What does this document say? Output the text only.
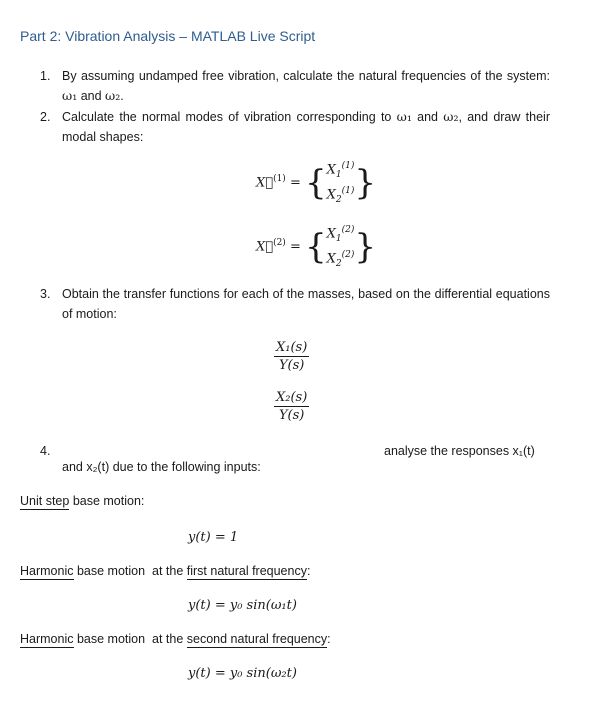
Part 2: Vibration Analysis – MATLAB Live Script
1. By assuming undamped free vibration, calculate the natural frequencies of the system: ω₁ and ω₂.
2. Calculate the normal modes of vibration corresponding to ω₁ and ω₂, and draw their modal shapes:
X⃗$^{(1)}$ = { $X_1^{(1)}$
$X_2^{(1)}$ }
X⃗$^{(2)}$ = { $X_1^{(2)}$
$X_2^{(2)}$ }
3. Obtain the transfer functions for each of the masses, based on the differential equations of motion:
$\frac{\text{X₁(s)}}{Y(s)}$
$\frac{\text{X₂(s)}}{Y(s)}$
4.	analyse the responses x₁(t)
and x₂(t) due to the following inputs:
Unit step base motion:
y(t) = 1
Harmonic base motion  at the first natural frequency:
y(t) = y₀ sin(ω₁t)
Harmonic base motion  at the second natural frequency:
y(t) = y₀ sin(ω₂t)
